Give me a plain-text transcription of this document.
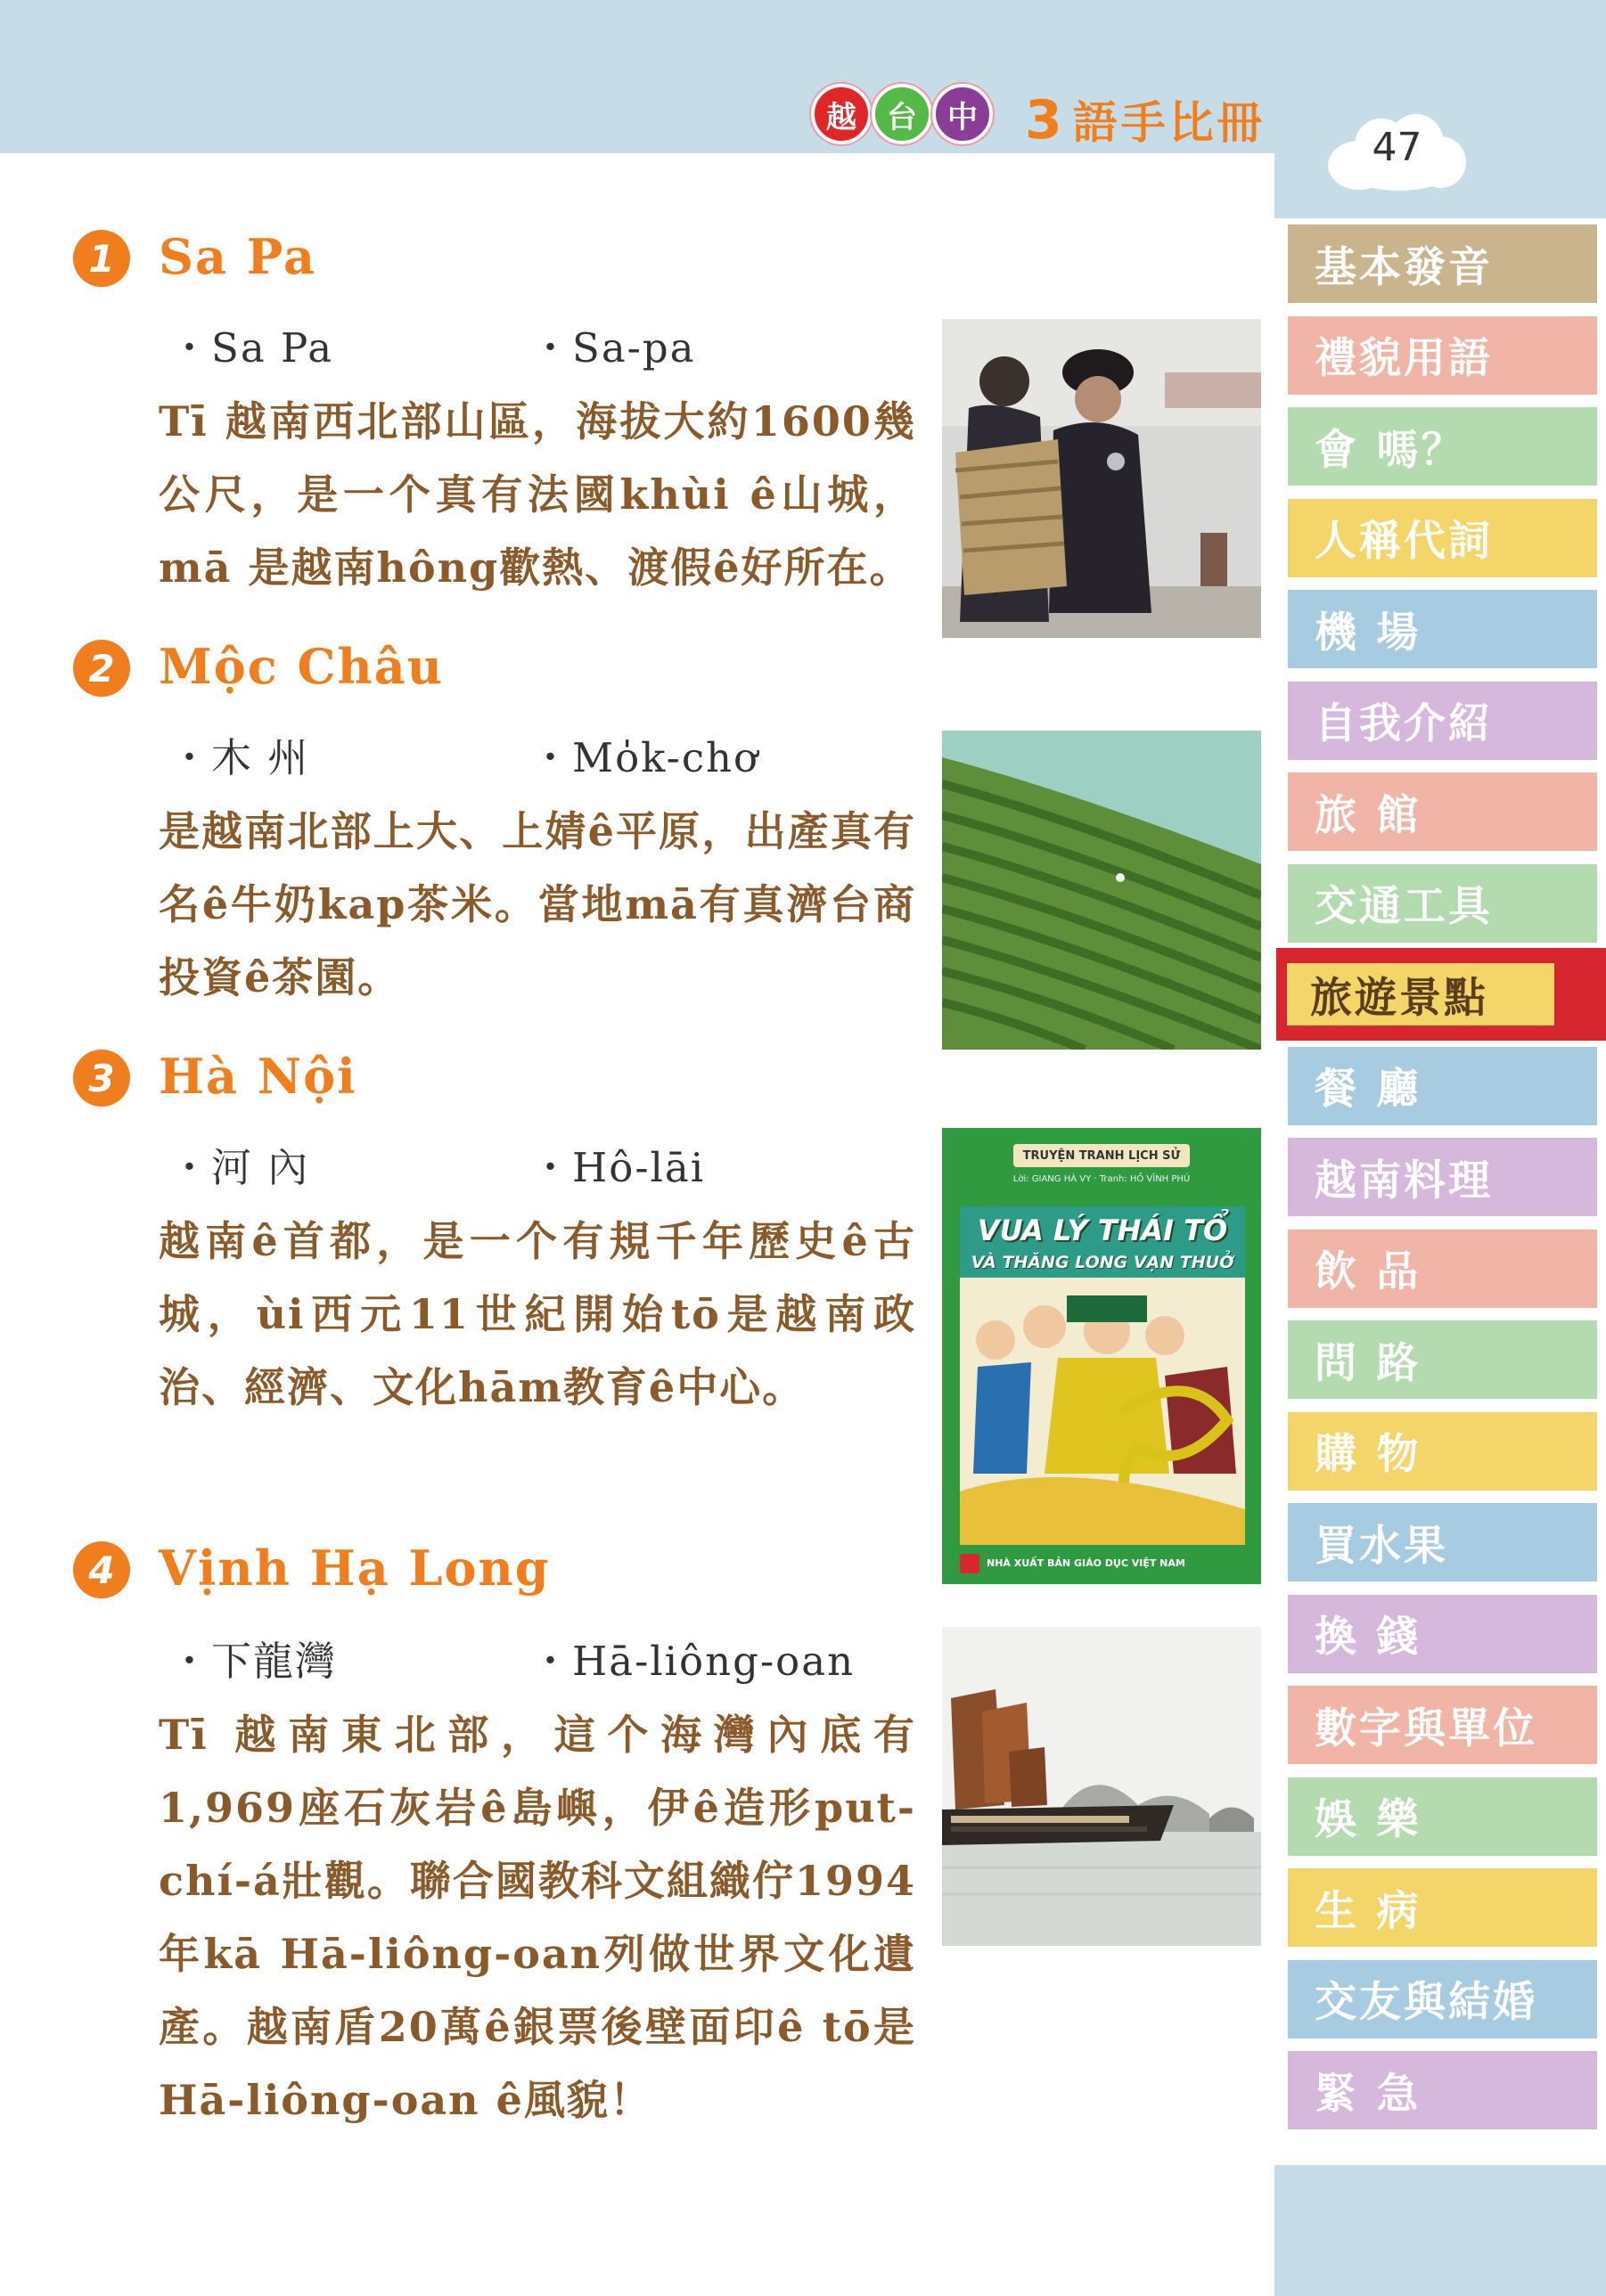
越	台	中 3 語手比冊	47
基本發音
禮貌用語
會 嗎？
人稱代詞
機 場
自我介紹
旅 館
交通工具
旅遊景點
餐 廳
越南料理
飲 品
問 路
購 物
買水果
換 錢
數字與單位
娛 樂
生 病
交友與結婚
緊 急
1 Sa Pa
・Sa Pa	・Sa-pa
Tī 越南西北部山區，海拔大約1600幾公尺，是一个真有法國khùi ê山城，mā 是越南hông歡熱、渡假ê好所在。
2 Mộc Châu
・木 州	・Mo̍k-chơ
是越南北部上大、上婧ê平原，出產真有名ê牛奶kap茶米。當地mā有真濟台商投資ê茶園。
3 Hà Nội
・河 內	・Hô-lāi
越南ê首都，是一个有規千年歷史ê古城，ùi西元11世紀開始tō是越南政治、經濟、文化hām教育ê中心。
4 Vịnh Hạ Long
・下龍灣	・Hā-liông-oan
Tī 越南東北部，這个海灣內底有1,969座石灰岩ê島嶼，伊ê造形put-chí-á壯觀。聯合國教科文組織佇1994年kā Hā-liông-oan列做世界文化遺產。越南盾20萬ê銀票後壁面印ê tō是Hā-liông-oan ê風貌！
TRUYỆN TRANH LỊCH SỬ
Lời: GIANG HÀ VY · Tranh: HỒ VĨNH PHÚ
VUA LÝ THÁI TỔ
VÀ THĂNG LONG VẠN THUỞ
NHÀ XUẤT BẢN GIÁO DỤC VIỆT NAM
